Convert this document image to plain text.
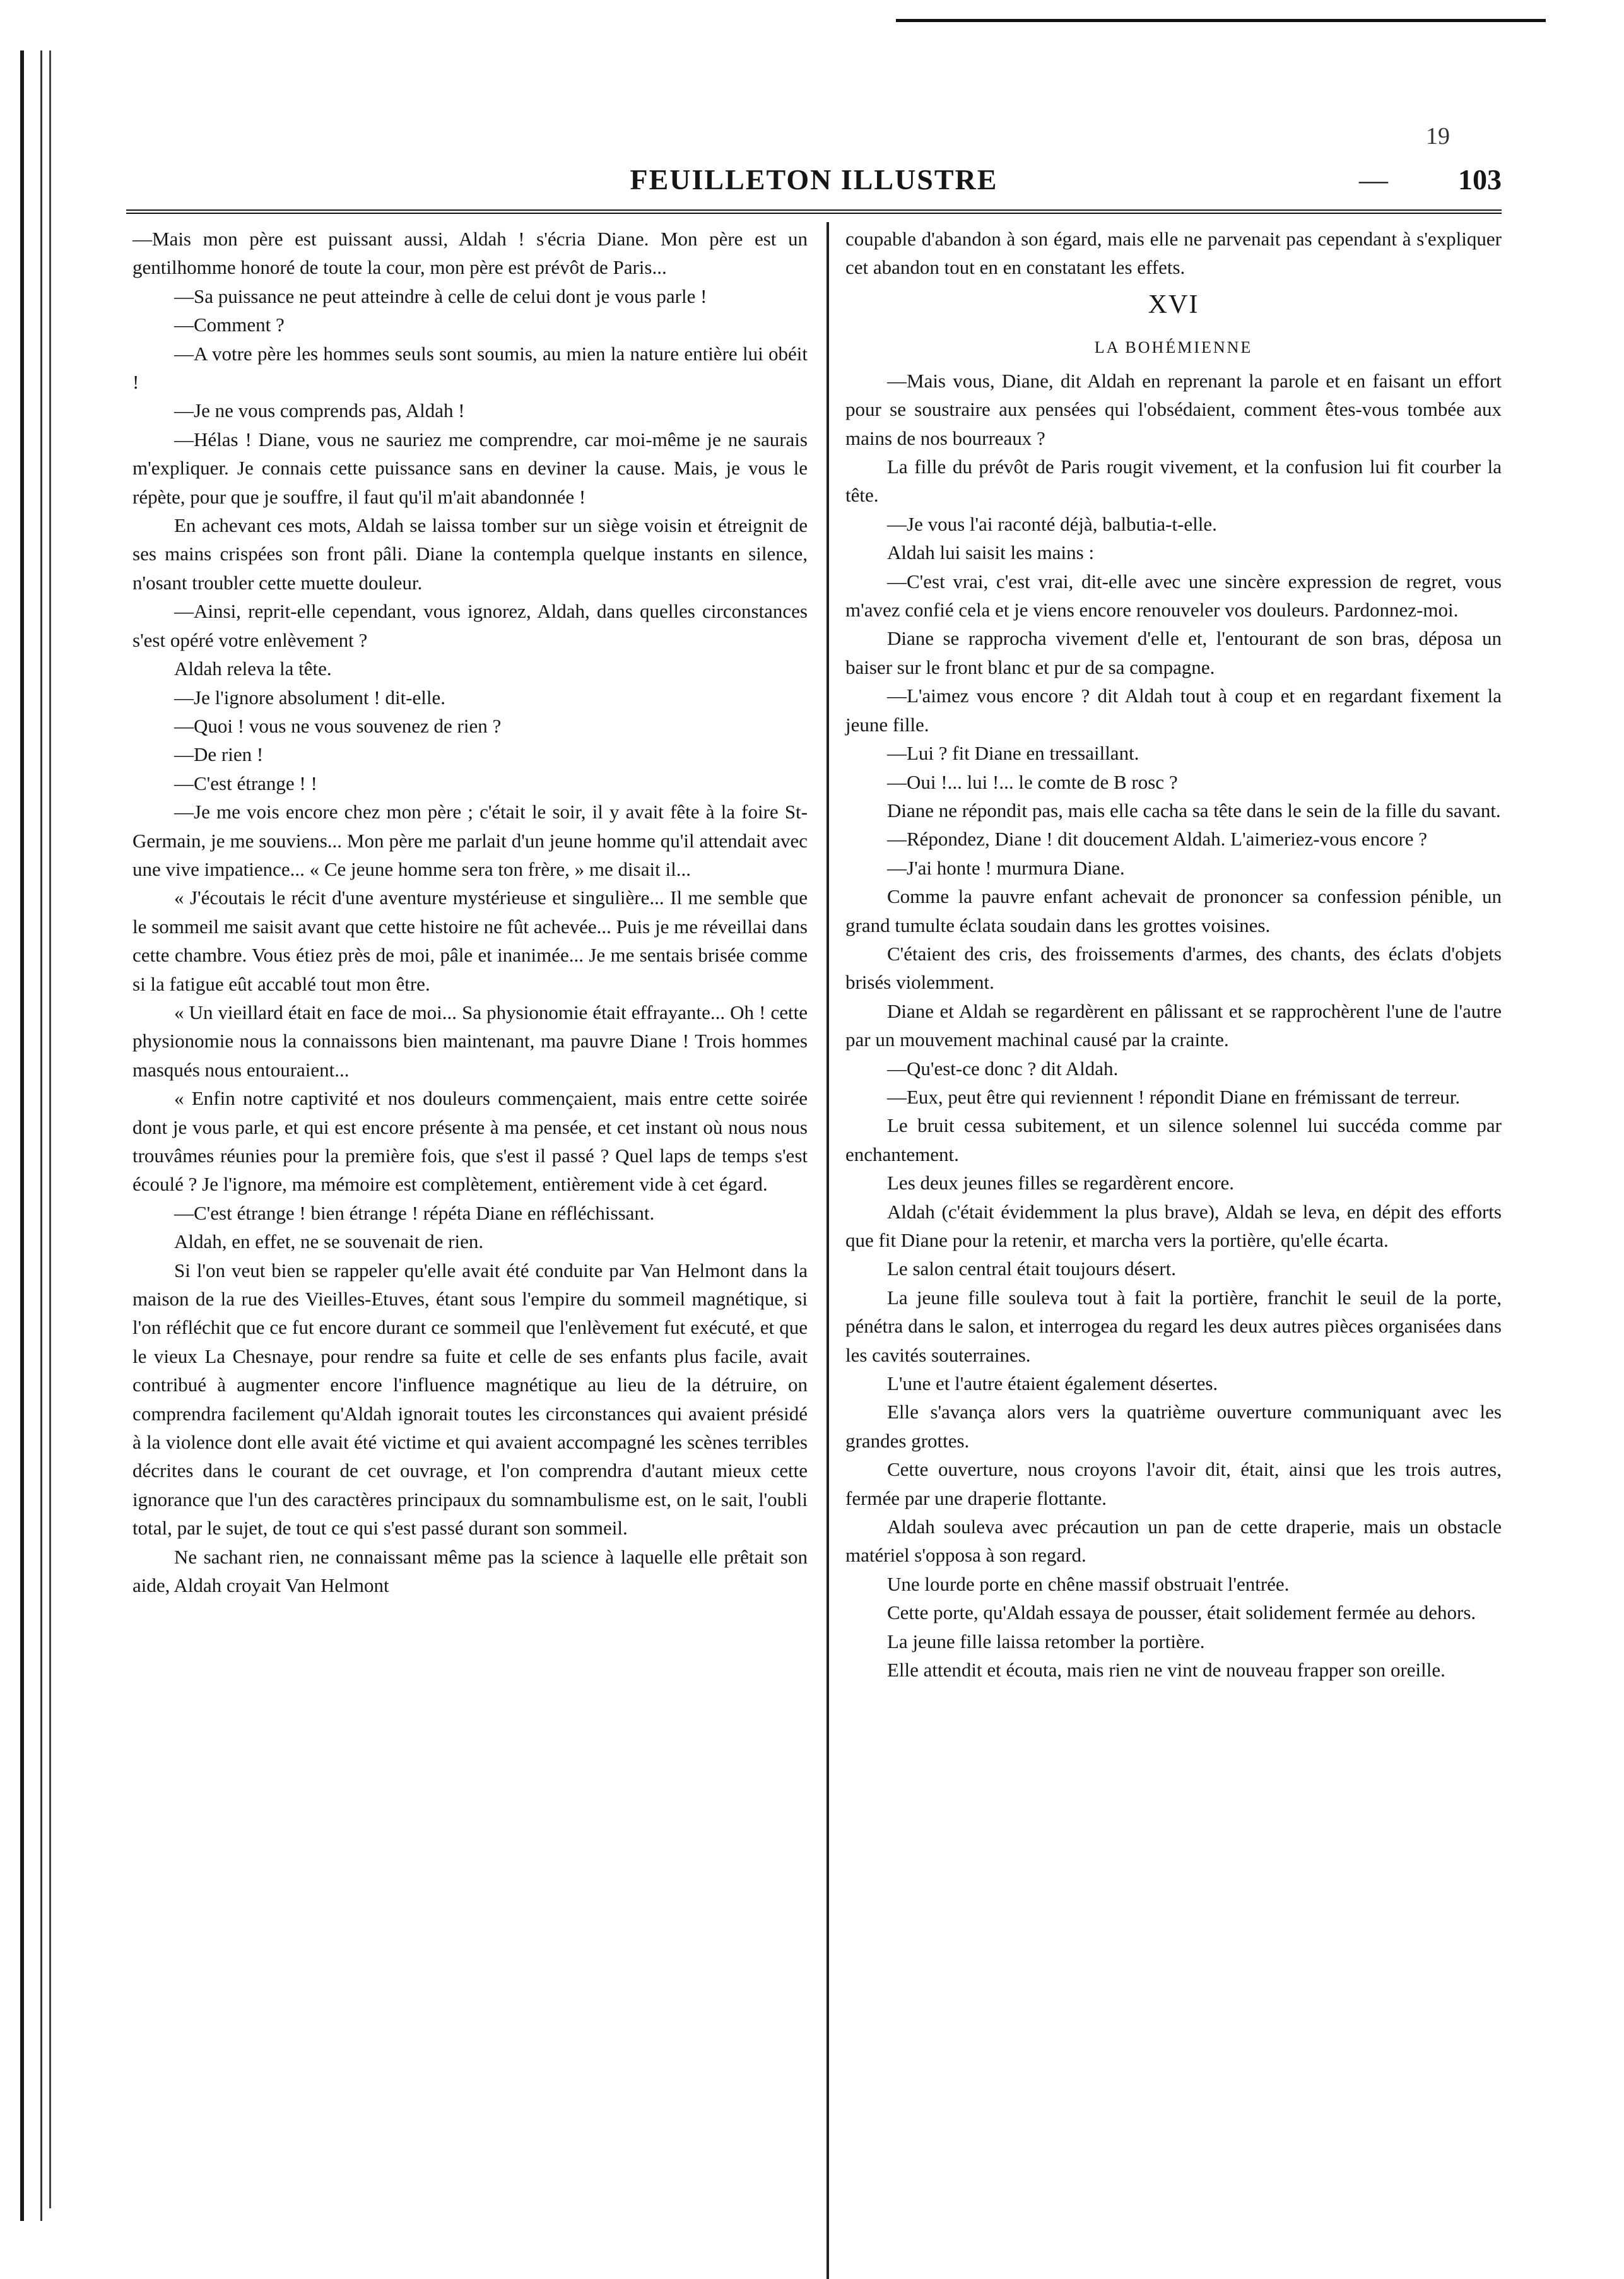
19
FEUILLETON ILLUSTRE	— 103

—Mais mon père est puissant aussi, Aldah ! s'écria Diane. Mon père est un gentilhomme honoré de toute la cour, mon père est prévôt de Paris...

—Sa puissance ne peut atteindre à celle de celui dont je vous parle !

—Comment ?

—A votre père les hommes seuls sont soumis, au mien la nature entière lui obéit !

—Je ne vous comprends pas, Aldah !

—Hélas ! Diane, vous ne sauriez me comprendre, car moi-même je ne saurais m'expliquer. Je connais cette puissance sans en deviner la cause. Mais, je vous le répète, pour que je souffre, il faut qu'il m'ait abandonnée !

En achevant ces mots, Aldah se laissa tomber sur un siège voisin et étreignit de ses mains crispées son front pâli. Diane la contempla quelque instants en silence, n'osant troubler cette muette douleur.

—Ainsi, reprit-elle cependant, vous ignorez, Aldah, dans quelles circonstances s'est opéré votre enlèvement ?

Aldah releva la tête.

—Je l'ignore absolument ! dit-elle.

—Quoi ! vous ne vous souvenez de rien ?

—De rien !

—C'est étrange ! !

—Je me vois encore chez mon père ; c'était le soir, il y avait fête à la foire St-Germain, je me souviens... Mon père me parlait d'un jeune homme qu'il attendait avec une vive impatience... « Ce jeune homme sera ton frère, » me disait il...

« J'écoutais le récit d'une aventure mystérieuse et singulière... Il me semble que le sommeil me saisit avant que cette histoire ne fût achevée... Puis je me réveillai dans cette chambre. Vous étiez près de moi, pâle et inanimée... Je me sentais brisée comme si la fatigue eût accablé tout mon être.

« Un vieillard était en face de moi... Sa physionomie était effrayante... Oh ! cette physionomie nous la connaissons bien maintenant, ma pauvre Diane ! Trois hommes masqués nous entouraient...

« Enfin notre captivité et nos douleurs commençaient, mais entre cette soirée dont je vous parle, et qui est encore présente à ma pensée, et cet instant où nous nous trouvâmes réunies pour la première fois, que s'est il passé ? Quel laps de temps s'est écoulé ? Je l'ignore, ma mémoire est complètement, entièrement vide à cet égard.

—C'est étrange ! bien étrange ! répéta Diane en réfléchissant.

Aldah, en effet, ne se souvenait de rien.

Si l'on veut bien se rappeler qu'elle avait été conduite par Van Helmont dans la maison de la rue des Vieilles-Etuves, étant sous l'empire du sommeil magnétique, si l'on réfléchit que ce fut encore durant ce sommeil que l'enlèvement fut exécuté, et que le vieux La Chesnaye, pour rendre sa fuite et celle de ses enfants plus facile, avait contribué à augmenter encore l'influence magnétique au lieu de la détruire, on comprendra facilement qu'Aldah ignorait toutes les circonstances qui avaient présidé à la violence dont elle avait été victime et qui avaient accompagné les scènes terribles décrites dans le courant de cet ouvrage, et l'on comprendra d'autant mieux cette ignorance que l'un des caractères principaux du somnambulisme est, on le sait, l'oubli total, par le sujet, de tout ce qui s'est passé durant son sommeil.

Ne sachant rien, ne connaissant même pas la science à laquelle elle prêtait son aide, Aldah croyait Van Helmont

coupable d'abandon à son égard, mais elle ne parvenait pas cependant à s'expliquer cet abandon tout en en constatant les effets.

XVI
LA BOHÉMIENNE

—Mais vous, Diane, dit Aldah en reprenant la parole et en faisant un effort pour se soustraire aux pensées qui l'obsédaient, comment êtes-vous tombée aux mains de nos bourreaux ?

La fille du prévôt de Paris rougit vivement, et la confusion lui fit courber la tête.

—Je vous l'ai raconté déjà, balbutia-t-elle.

Aldah lui saisit les mains :

—C'est vrai, c'est vrai, dit-elle avec une sincère expression de regret, vous m'avez confié cela et je viens encore renouveler vos douleurs. Pardonnez-moi.

Diane se rapprocha vivement d'elle et, l'entourant de son bras, déposa un baiser sur le front blanc et pur de sa compagne.

—L'aimez vous encore ? dit Aldah tout à coup et en regardant fixement la jeune fille.

—Lui ? fit Diane en tressaillant.

—Oui !... lui !... le comte de B rosc ?

Diane ne répondit pas, mais elle cacha sa tête dans le sein de la fille du savant.

—Répondez, Diane ! dit doucement Aldah. L'aimeriez-vous encore ?

—J'ai honte ! murmura Diane.

Comme la pauvre enfant achevait de prononcer sa confession pénible, un grand tumulte éclata soudain dans les grottes voisines.

C'étaient des cris, des froissements d'armes, des chants, des éclats d'objets brisés violemment.

Diane et Aldah se regardèrent en pâlissant et se rapprochèrent l'une de l'autre par un mouvement machinal causé par la crainte.

—Qu'est-ce donc ? dit Aldah.

—Eux, peut être qui reviennent ! répondit Diane en frémissant de terreur.

Le bruit cessa subitement, et un silence solennel lui succéda comme par enchantement.

Les deux jeunes filles se regardèrent encore.

Aldah (c'était évidemment la plus brave), Aldah se leva, en dépit des efforts que fit Diane pour la retenir, et marcha vers la portière, qu'elle écarta.

Le salon central était toujours désert.

La jeune fille souleva tout à fait la portière, franchit le seuil de la porte, pénétra dans le salon, et interrogea du regard les deux autres pièces organisées dans les cavités souterraines.

L'une et l'autre étaient également désertes.

Elle s'avança alors vers la quatrième ouverture communiquant avec les grandes grottes.

Cette ouverture, nous croyons l'avoir dit, était, ainsi que les trois autres, fermée par une draperie flottante.

Aldah souleva avec précaution un pan de cette draperie, mais un obstacle matériel s'opposa à son regard.

Une lourde porte en chêne massif obstruait l'entrée.

Cette porte, qu'Aldah essaya de pousser, était solidement fermée au dehors.

La jeune fille laissa retomber la portière.

Elle attendit et écouta, mais rien ne vint de nouveau frapper son oreille.
